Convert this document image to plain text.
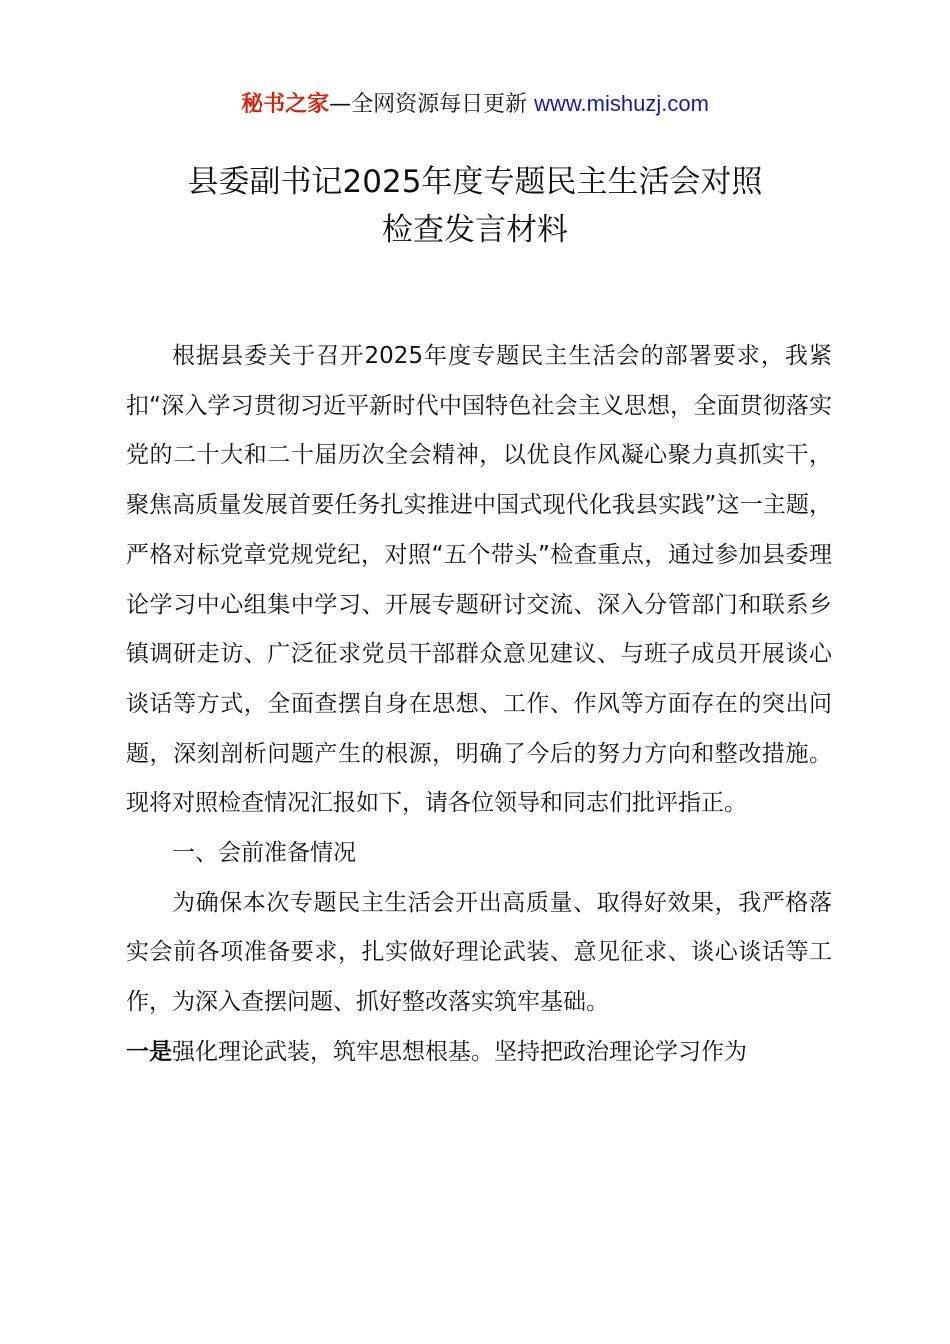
秘书之家—全网资源每日更新 www.mishuzj.com
县委副书记2025年度专题民主生活会对照
检查发言材料

根据县委关于召开2025年度专题民主生活会的部署要求，我紧扣“深入学习贯彻习近平新时代中国特色社会主义思想，全面贯彻落实党的二十大和二十届历次全会精神，以优良作风凝心聚力真抓实干，聚焦高质量发展首要任务扎实推进中国式现代化我县实践”这一主题，严格对标党章党规党纪，对照“五个带头”检查重点，通过参加县委理论学习中心组集中学习、开展专题研讨交流、深入分管部门和联系乡镇调研走访、广泛征求党员干部群众意见建议、与班子成员开展谈心谈话等方式，全面查摆自身在思想、工作、作风等方面存在的突出问题，深刻剖析问题产生的根源，明确了今后的努力方向和整改措施。现将对照检查情况汇报如下，请各位领导和同志们批评指正。

一、会前准备情况

为确保本次专题民主生活会开出高质量、取得好效果，我严格落实会前各项准备要求，扎实做好理论武装、意见征求、谈心谈话等工作，为深入查摆问题、抓好整改落实筑牢基础。

一是强化理论武装，筑牢思想根基。坚持把政治理论学习作为
